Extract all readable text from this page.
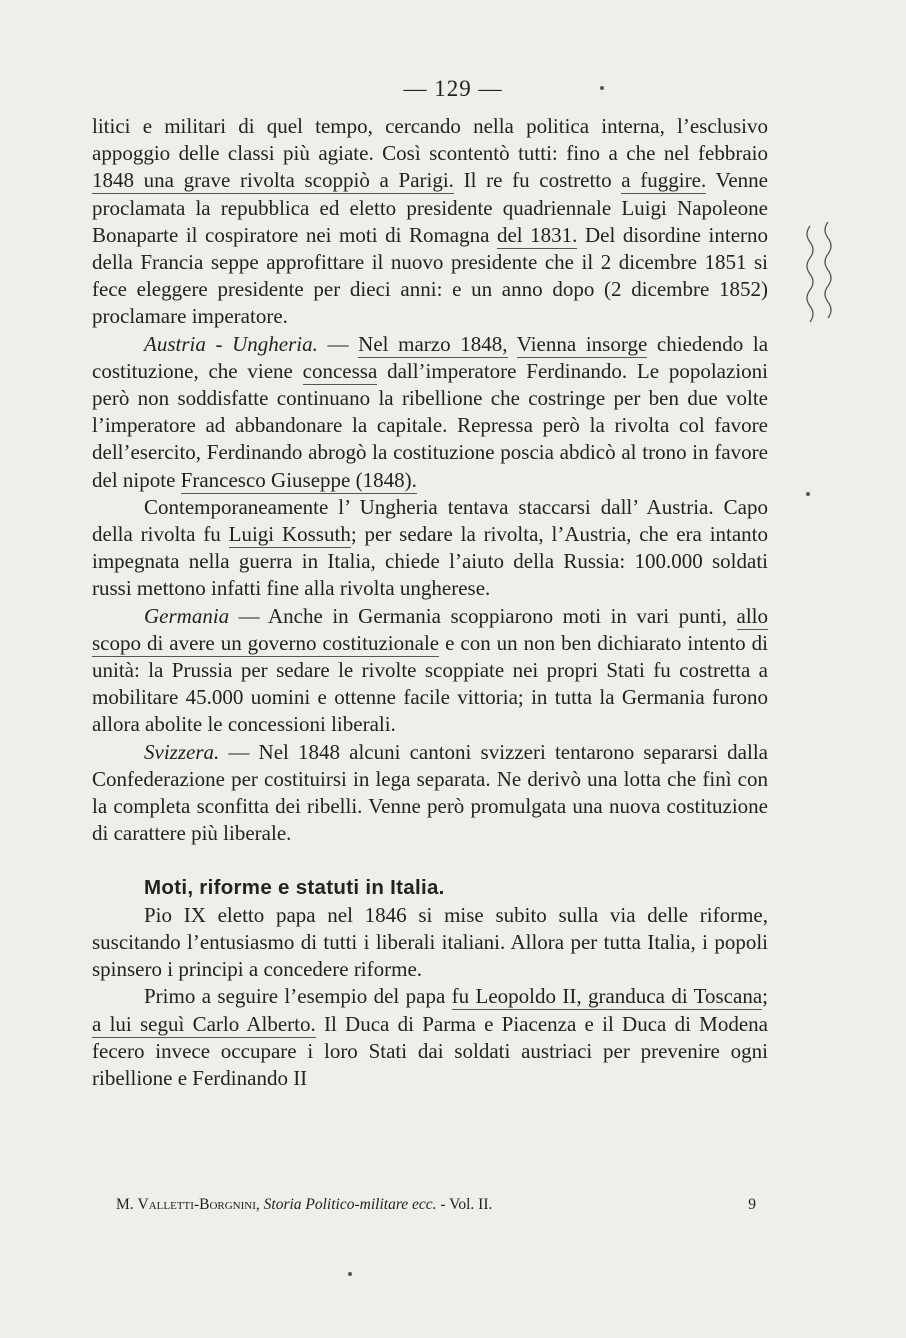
— 129 —

litici e militari di quel tempo, cercando nella politica interna, l’esclusivo appoggio delle classi più agiate. Così scontentò tutti: fino a che nel febbraio 1848 una grave rivolta scoppiò a Parigi. Il re fu costretto a fuggire. Venne proclamata la repubblica ed eletto presidente quadriennale Luigi Napoleone Bonaparte il cospiratore nei moti di Romagna del 1831. Del disordine interno della Francia seppe approfittare il nuovo presidente che il 2 dicembre 1851 si fece eleggere presidente per dieci anni: e un anno dopo (2 dicembre 1852) proclamare imperatore.

Austria - Ungheria. — Nel marzo 1848, Vienna insorge chiedendo la costituzione, che viene concessa dall’imperatore Ferdinando. Le popolazioni però non soddisfatte continuano la ribellione che costringe per ben due volte l’imperatore ad abbandonare la capitale. Repressa però la rivolta col favore dell’esercito, Ferdinando abrogò la costituzione poscia abdicò al trono in favore del nipote Francesco Giuseppe (1848).

Contemporaneamente l’ Ungheria tentava staccarsi dall’ Austria. Capo della rivolta fu Luigi Kossuth; per sedare la rivolta, l’Austria, che era intanto impegnata nella guerra in Italia, chiede l’aiuto della Russia: 100.000 soldati russi mettono infatti fine alla rivolta ungherese.

Germania — Anche in Germania scoppiarono moti in vari punti, allo scopo di avere un governo costituzionale e con un non ben dichiarato intento di unità: la Prussia per sedare le rivolte scoppiate nei propri Stati fu costretta a mobilitare 45.000 uomini e ottenne facile vittoria; in tutta la Germania furono allora abolite le concessioni liberali.

Svizzera. — Nel 1848 alcuni cantoni svizzeri tentarono separarsi dalla Confederazione per costituirsi in lega separata. Ne derivò una lotta che finì con la completa sconfitta dei ribelli. Venne però promulgata una nuova costituzione di carattere più liberale.

Moti, riforme e statuti in Italia.

Pio IX eletto papa nel 1846 si mise subito sulla via delle riforme, suscitando l’entusiasmo di tutti i liberali italiani. Allora per tutta Italia, i popoli spinsero i principi a concedere riforme.

Primo a seguire l’esempio del papa fu Leopoldo II, granduca di Toscana; a lui seguì Carlo Alberto. Il Duca di Parma e Piacenza e il Duca di Modena fecero invece occupare i loro Stati dai soldati austriaci per prevenire ogni ribellione e Ferdinando II

M. Valletti-Borgnini, Storia Politico-militare ecc. - Vol. II.	9
